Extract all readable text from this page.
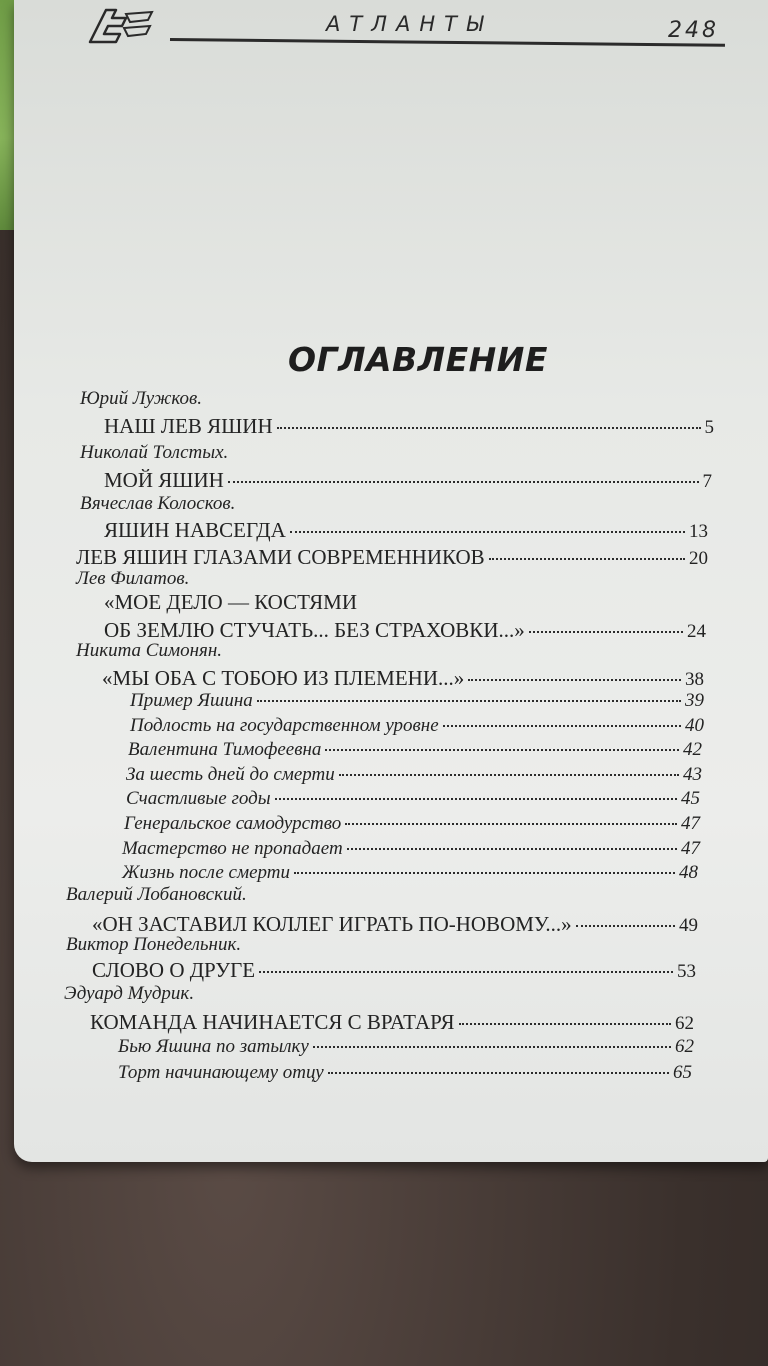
АТЛАНТЫ	248
ОГЛАВЛЕНИЕ
Юрий Лужков.
НАШ ЛЕВ ЯШИН	5
Николай Толстых.
МОЙ ЯШИН	7
Вячеслав Колосков.
ЯШИН НАВСЕГДА	13
ЛЕВ ЯШИН ГЛАЗАМИ СОВРЕМЕННИКОВ	20
Лев Филатов.
«МОЕ ДЕЛО — КОСТЯМИ
ОБ ЗЕМЛЮ СТУЧАТЬ... БЕЗ СТРАХОВКИ...»	24
Никита Симонян.
«МЫ ОБА С ТОБОЮ ИЗ ПЛЕМЕНИ...»	38
Пример Яшина	39
Подлость на государственном уровне	40
Валентина Тимофеевна	42
За шесть дней до смерти	43
Счастливые годы	45
Генеральское самодурство	47
Мастерство не пропадает	47
Жизнь после смерти	48
Валерий Лобановский.
«ОН ЗАСТАВИЛ КОЛЛЕГ ИГРАТЬ ПО-НОВОМУ...»	49
Виктор Понедельник.
СЛОВО О ДРУГЕ	53
Эдуард Мудрик.
КОМАНДА НАЧИНАЕТСЯ С ВРАТАРЯ	62
Бью Яшина по затылку	62
Торт начинающему отцу	65
